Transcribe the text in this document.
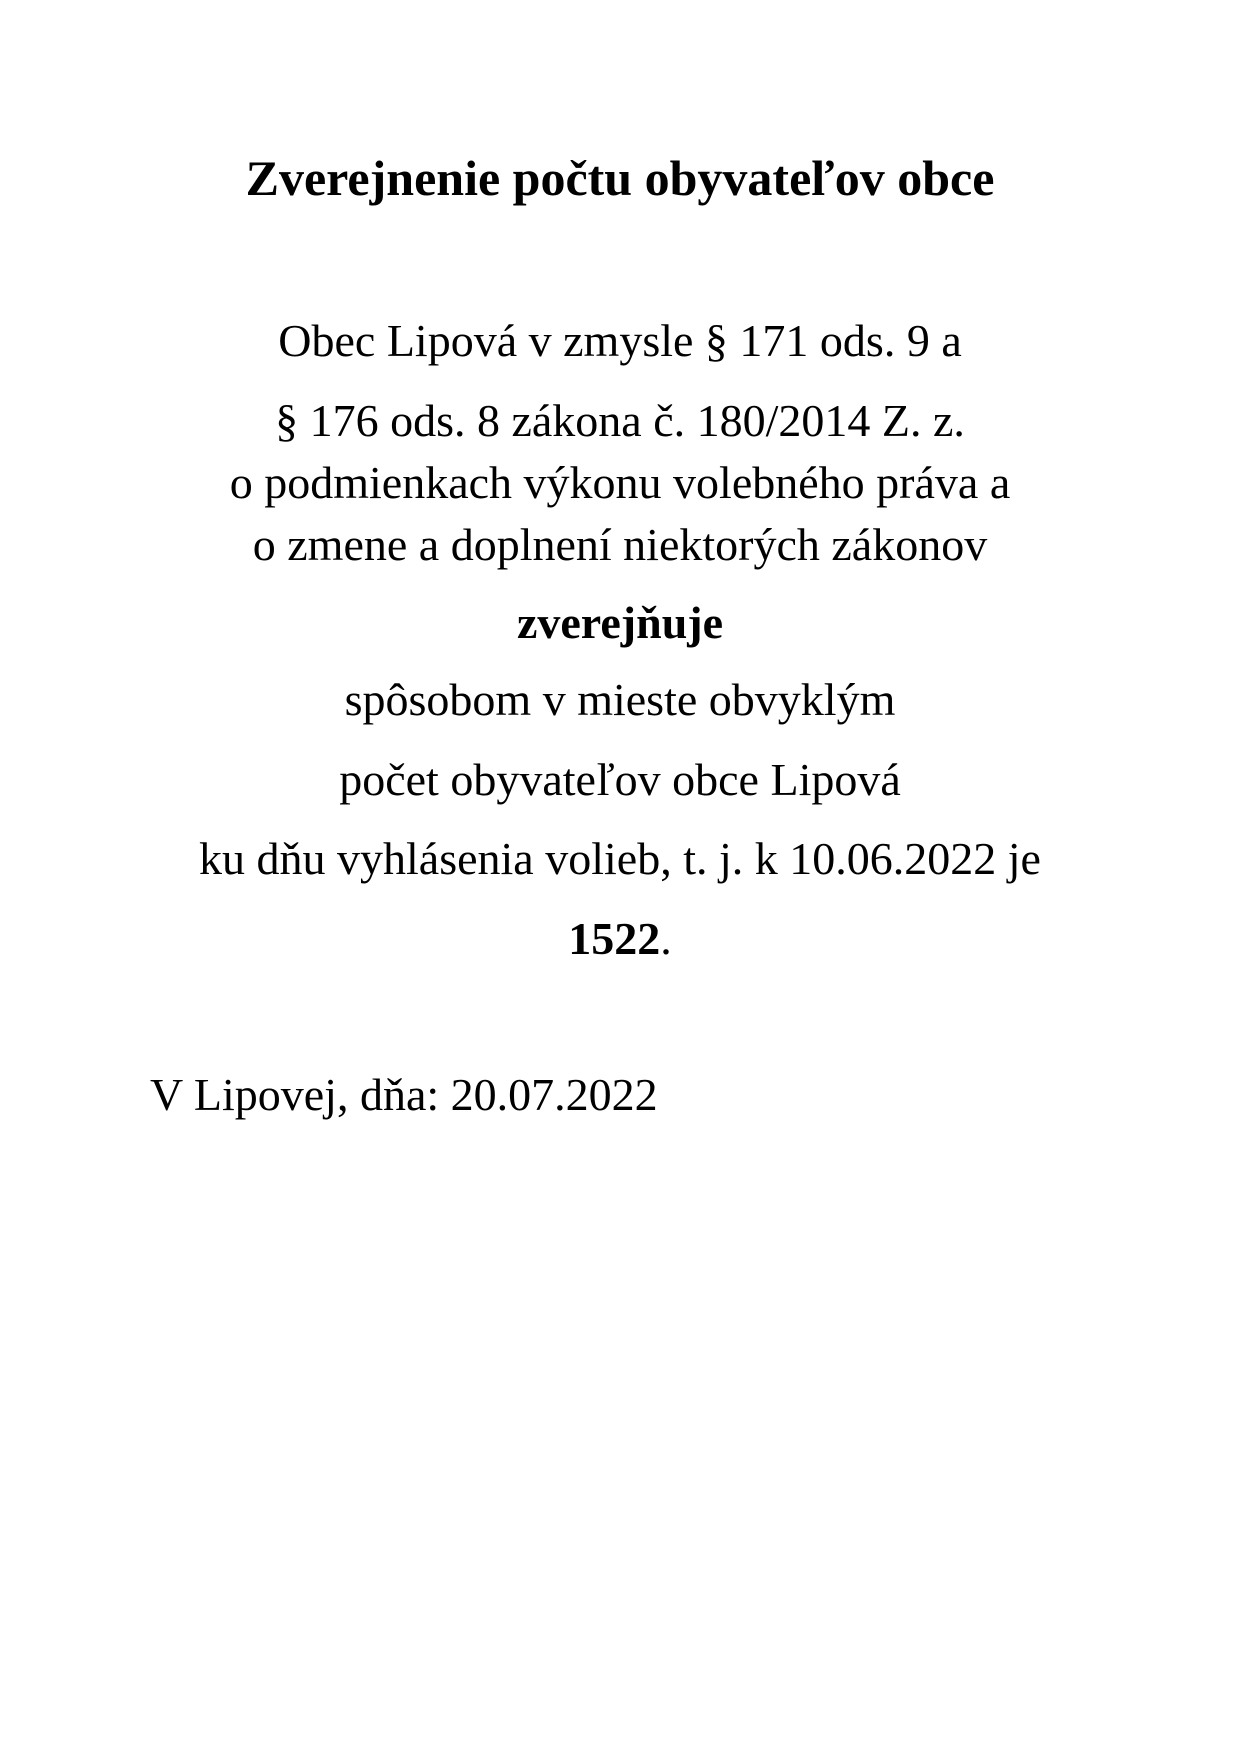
Zverejnenie počtu obyvateľov obce
Obec Lipová v zmysle § 171 ods. 9 a
§ 176 ods. 8 zákona č. 180/2014 Z. z.
o podmienkach výkonu volebného práva a
o zmene a doplnení niektorých zákonov
zverejňuje
spôsobom v mieste obvyklým
počet obyvateľov obce Lipová
ku dňu vyhlásenia volieb, t. j. k 10.06.2022 je
1522.
V Lipovej, dňa: 20.07.2022
